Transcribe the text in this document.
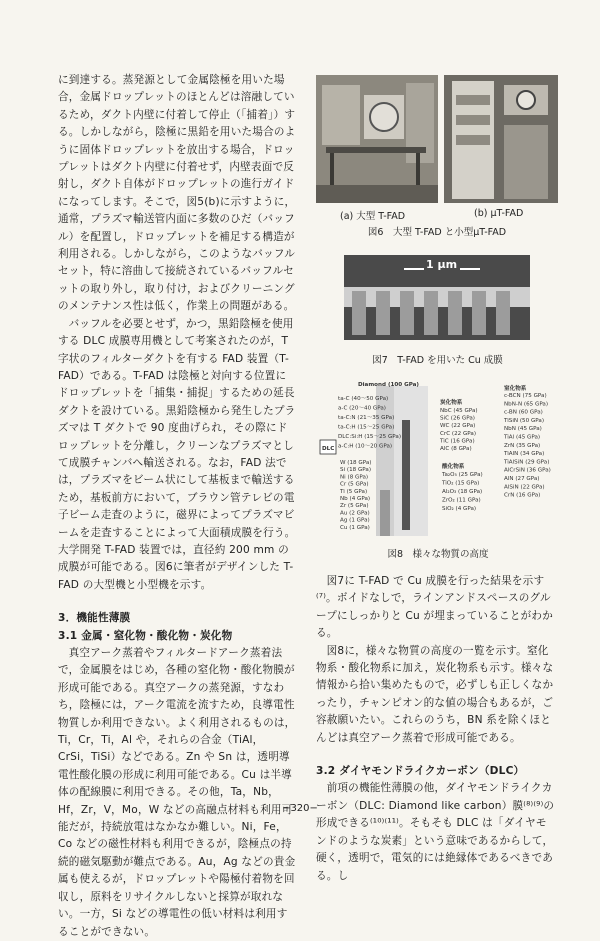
に到達する。蒸発源として金属陰極を用いた場合，金属ドロップレットのほとんどは溶融しているため，ダクト内壁に付着して停止（「捕着」）する。しかしながら，陰極に黒鉛を用いた場合のように固体ドロップレットを放出する場合，ドロップレットはダクト内壁に付着せず，内壁表面で反射し，ダクト自体がドロップレットの進行ガイドになってします。そこで，図5(b)に示すように，通常，プラズマ輸送管内面に多数のひだ（バッフル）を配置し，ドロップレットを補足する構造が利用される。しかしながら，このようなバッフルセット，特に溶曲して接続されているバッフルセットの取り外し，取り付け，およびクリーニングのメンテナンス性は低く，作業上の問題がある。

バッフルを必要とせず，かつ，黒鉛陰極を使用する DLC 成膜専用機として考案されたのが，T字状のフィルターダクトを有する FAD 装置（T-FAD）である。T-FAD は陰極と対向する位置にドロップレットを「捕集・捕捉」するための延長ダクトを設けている。黒鉛陰極から発生したプラズマは T ダクトで 90 度曲げられ，その際にドロップレットを分離し，クリーンなプラズマとして成膜チャンバへ輸送される。なお，FAD 法では，プラズマをビーム状にして基板まで輸送するため，基板前方において，ブラウン管テレビの電子ビーム走査のように，磁界によってプラズマビームを走査することによって大面積成膜を行う。大学開発 T-FAD 装置では，直径約 200 mm の成膜が可能である。図6に筆者がデザインした T-FAD の大型機と小型機を示す。

3．機能性薄膜

3.1 金属・窒化物・酸化物・炭化物

真空アーク蒸着やフィルタードアーク蒸着法で，金属膜をはじめ，各種の窒化物・酸化物膜が形成可能である。真空アークの蒸発源，すなわち，陰極には，アーク電流を流すため，良導電性物質しか利用できない。よく利用されるものは，Ti，Cr，Ti，Al や，それらの合金（TiAl，CrSi，TiSi）などである。Zn や Sn は，透明導電性酸化膜の形成に利用可能である。Cu は半導体の配線膜に利用できる。その他，Ta，Nb，Hf，Zr，V，Mo，W などの高融点材料も利用可能だが，持続放電はなかなか難しい。Ni，Fe，Co などの磁性材料も利用できるが，陰極点の持続的磁気駆動が難点である。Au，Ag などの貴金属も使えるが，ドロップレットや陽極付着物を回収し，原料をリサイクルしないと採算が取れない。一方，Si などの導電性の低い材料は利用することができない。

(a) 大型 T-FAD	(b) μT-FAD
図6　大型 T-FAD と小型μT-FAD
1 μm
図7　T-FAD を用いた Cu 成膜
Diamond (100 GPa)
DLC
ta-C (40～50 GPa)
a-C (20～40 GPa)
ta-C:N (21～35 GPa)
ta-C:H (15～25 GPa)
DLC:Si:H (15～25 GPa)
a-C:H (10～20 GPa)
炭化物系
NbC (45 GPa)
SiC (26 GPa)
WC (22 GPa)
CrC (22 GPa)
TiC (16 GPa)
AlC (8 GPa)
窒化物系
c-BCN (75 GPa)
NbN-N (65 GPa)
c-BN (60 GPa)
TiSiN (50 GPa)
NbN (45 GPa)
TiAl (45 GPa)
ZrN (35 GPa)
TiAlN (34 GPa)
TiAlSiN (29 GPa)
AlCrSiN (36 GPa)
AlN (27 GPa)
AlSiN (22 GPa)
CrN (16 GPa)
W (18 GPa)
Si (18 GPa)
Ni (8 GPa)
Cr (5 GPa)
Ti (5 GPa)
Nb (4 GPa)
Zr (5 GPa)
Au (2 GPa)
Ag (1 GPa)
Cu (1 GPa)
酸化物系
Ta₂O₅ (25 GPa)
TiO₂ (15 GPa)
Al₂O₃ (18 GPa)
ZrO₂ (11 GPa)
SiO₂ (4 GPa)
図8　様々な物質の高度

図7に T-FAD で Cu 成膜を行った結果を示す⁽⁷⁾。ボイドなしで，ラインアンドスペースのグループにしっかりと Cu が埋まっていることがわかる。

図8に，様々な物質の高度の一覧を示す。窒化物系・酸化物系に加え，炭化物系も示す。様々な情報から拾い集めたもので，必ずしも正しくなかったり，チャンピオン的な値の場合もあるが，ご容赦願いたい。これらのうち，BN 系を除くほとんどは真空アーク蒸着で形成可能である。

3.2 ダイヤモンドライクカーボン（DLC）

前項の機能性薄膜の他，ダイヤモンドライクカーボン（DLC: Diamond like carbon）膜⁽⁸⁾⁽⁹⁾の形成できる⁽¹⁰⁾⁽¹¹⁾。そもそも DLC は「ダイヤモンドのような炭素」という意味であるからして，硬く，透明で，電気的には絶縁体であるべきである。し

−320−
